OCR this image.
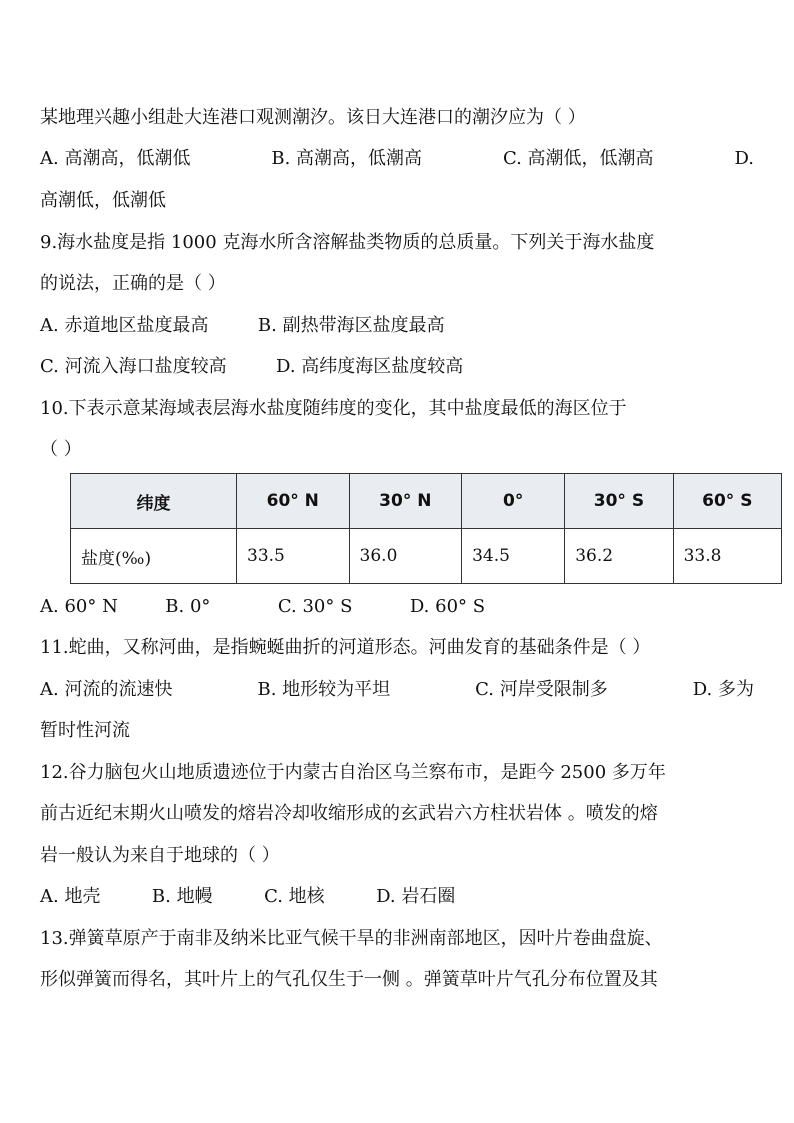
某地理兴趣小组赴大连港口观测潮汐。该日大连港口的潮汐应为（ ）
A. 高潮高，低潮低	B. 高潮高，低潮高	C. 高潮低，低潮高	D.
高潮低，低潮低
9.海水盐度是指 1000 克海水所含溶解盐类物质的总质量。下列关于海水盐度
的说法，正确的是（ ）
A. 赤道地区盐度最高	B. 副热带海区盐度最高
C. 河流入海口盐度较高	D. 高纬度海区盐度较高
10.下表示意某海域表层海水盐度随纬度的变化，其中盐度最低的海区位于
（ ）
纬度	60° N	30° N	0°	30° S	60° S
盐度(‰)	33.5	36.0	34.5	36.2	33.8
A. 60° N	B. 0°	C. 30° S	D. 60° S
11.蛇曲，又称河曲，是指蜿蜒曲折的河道形态。河曲发育的基础条件是（ ）
A. 河流的流速快	B. 地形较为平坦	C. 河岸受限制多	D. 多为
暂时性河流
12.谷力脑包火山地质遗迹位于内蒙古自治区乌兰察布市，是距今 2500 多万年
前古近纪末期火山喷发的熔岩冷却收缩形成的玄武岩六方柱状岩体 。喷发的熔
岩一般认为来自于地球的（ ）
A. 地壳	B. 地幔	C. 地核	D. 岩石圈
13.弹簧草原产于南非及纳米比亚气候干旱的非洲南部地区，因叶片卷曲盘旋、
形似弹簧而得名，其叶片上的气孔仅生于一侧 。弹簧草叶片气孔分布位置及其
